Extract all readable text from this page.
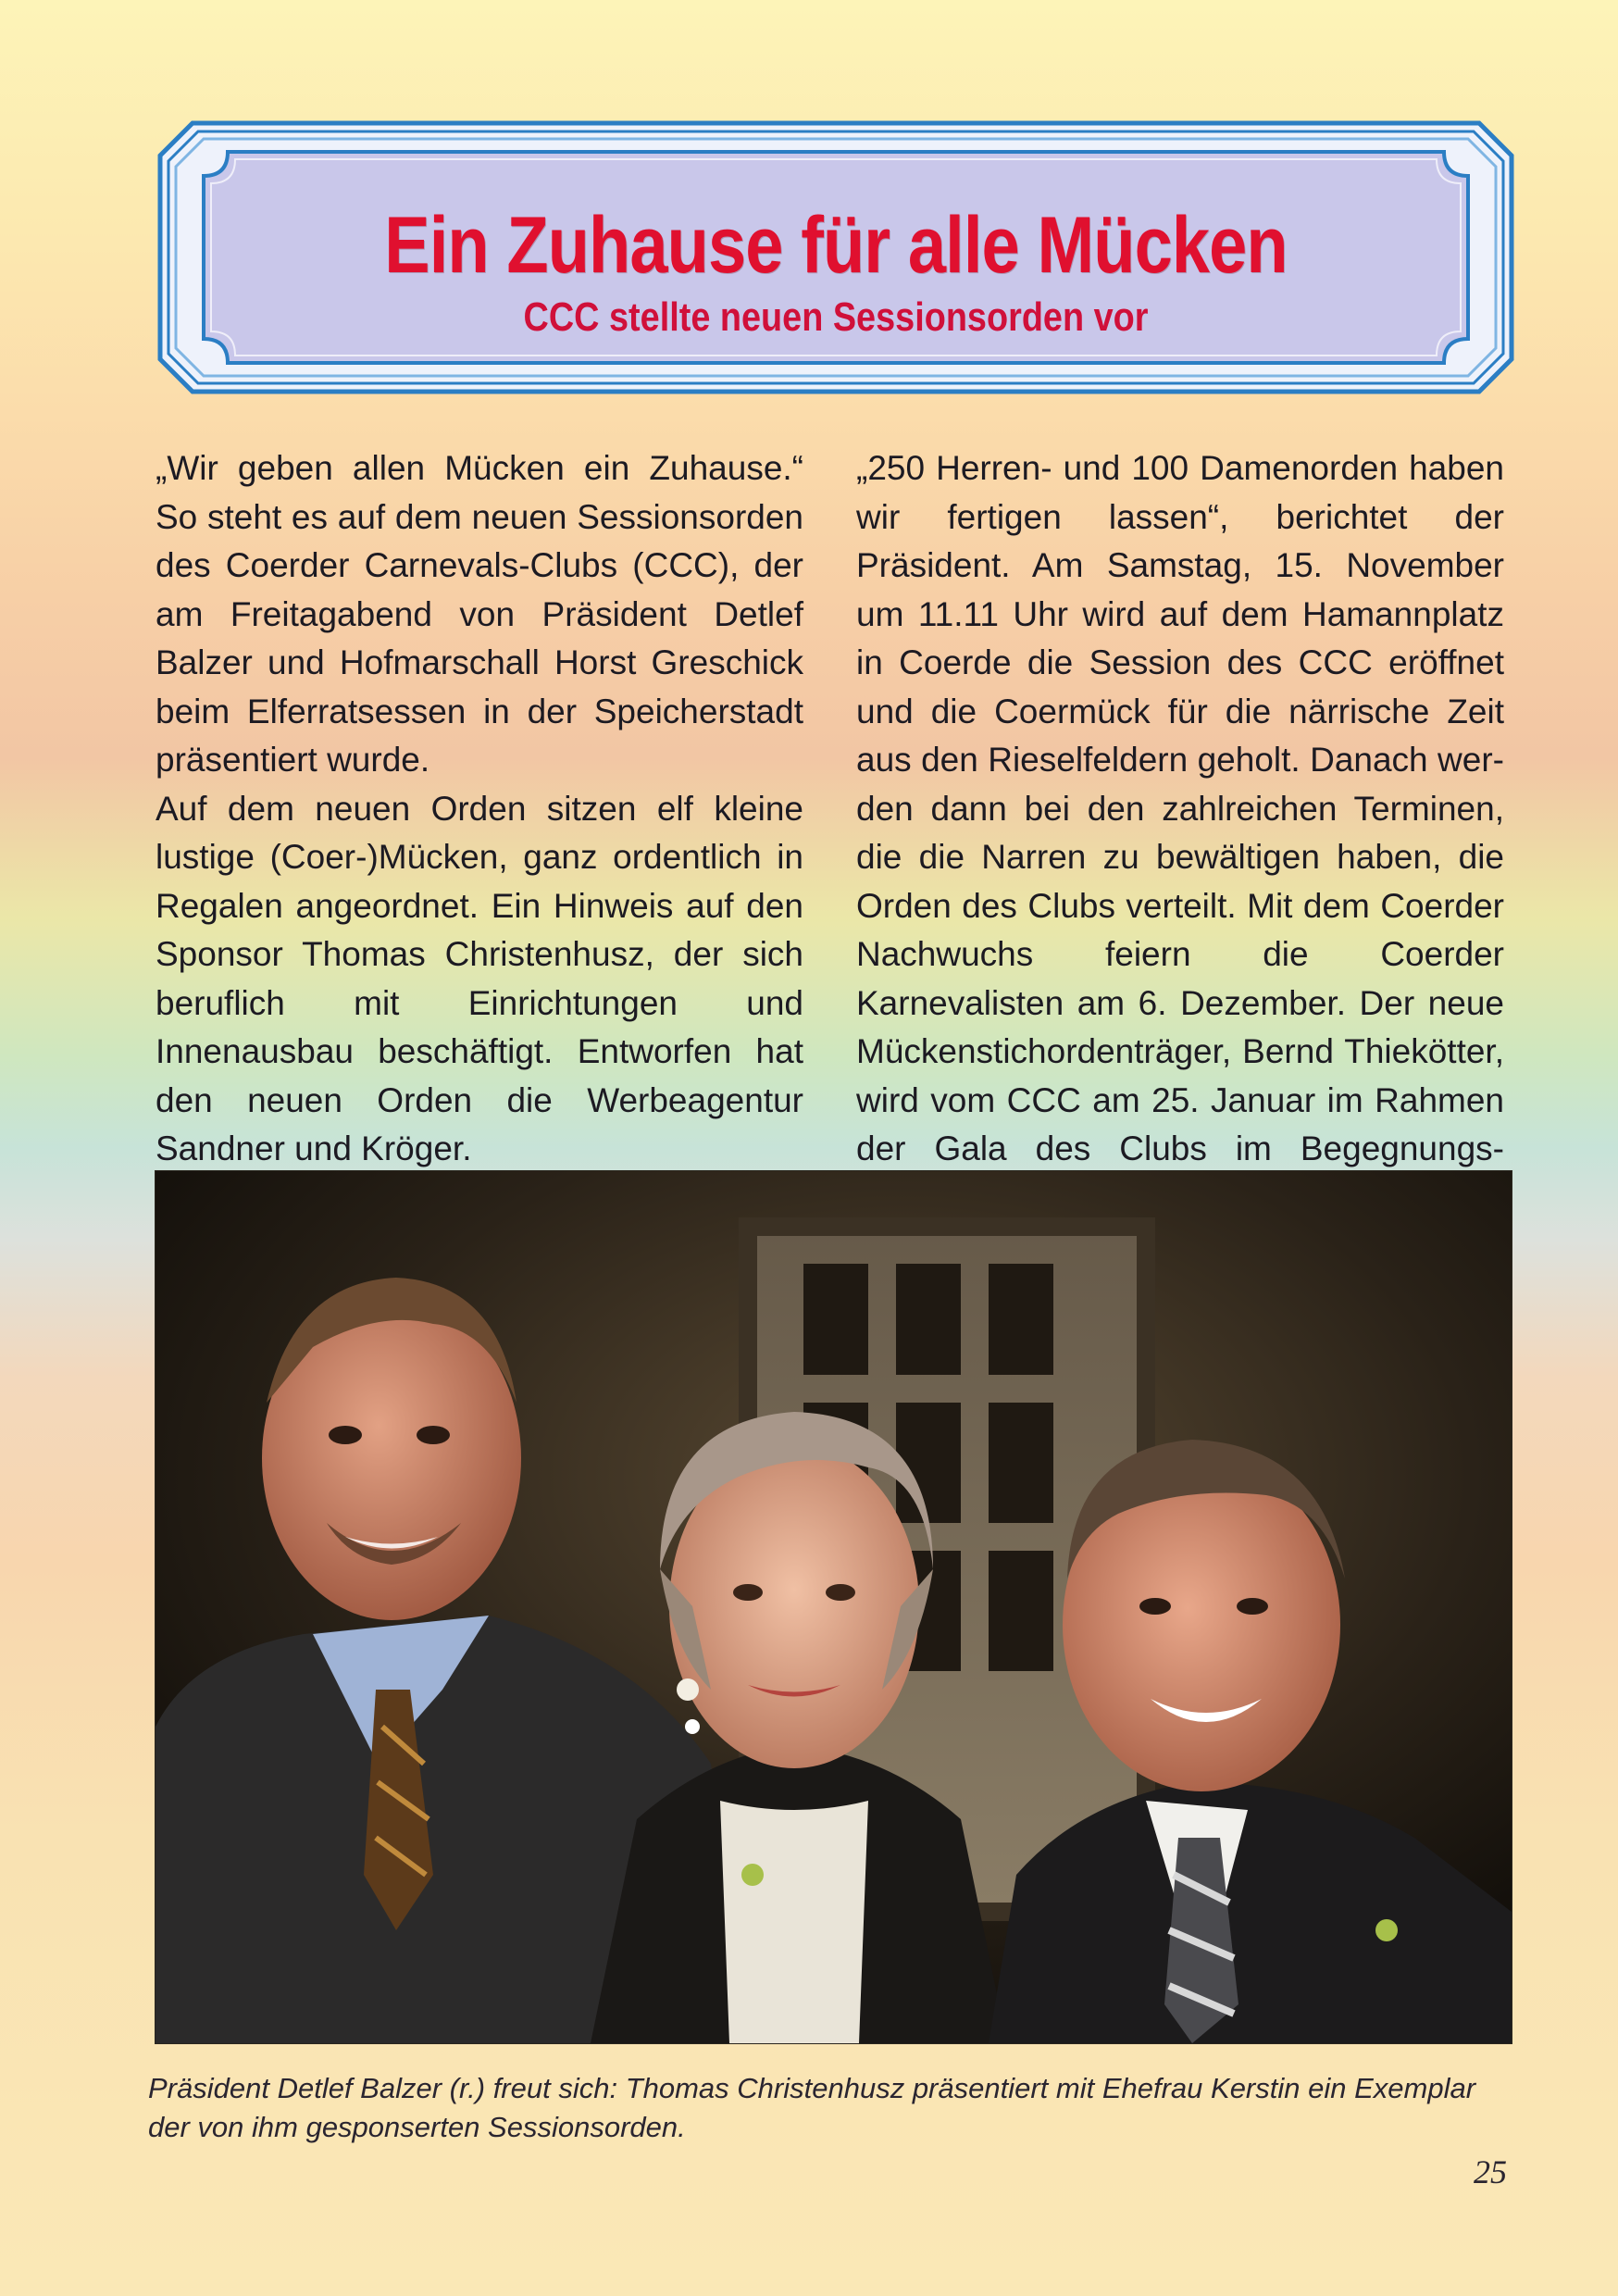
Ein Zuhause für alle Mücken
CCC stellte neuen Sessionsorden vor

„Wir geben allen Mücken ein Zuhause.“ So steht es auf dem neuen Sessionsorden des Coerder Carnevals-Clubs (CCC), der am Freitagabend von Präsident Detlef Balzer und Hofmarschall Horst Greschick beim Elferratsessen in der Speicherstadt präsentiert wurde.

Auf dem neuen Orden sitzen elf kleine lustige (Coer-)Mücken, ganz ordentlich in Regalen angeordnet. Ein Hinweis auf den Sponsor Thomas Christenhusz, der sich beruflich mit Einrichtungen und Innenausbau beschäftigt. Entworfen hat den neuen Orden die Werbeagentur Sandner und Kröger.

„250 Herren- und 100 Damenorden haben wir fertigen lassen“, berichtet der Präsident. Am Samstag, 15. November um 11.11 Uhr wird auf dem Hamannplatz in Coerde die Session des CCC eröffnet und die Coermück für die närrische Zeit aus den Rieselfeldern geholt. Danach werden dann bei den zahlreichen Terminen, die die Narren zu bewältigen haben, die Orden des Clubs verteilt. Mit dem Coerder Nachwuchs feiern die Coerder Karnevalisten am 6. Dezember. Der neue Mückenstichordenträger, Bernd Thiekötter, wird vom CCC am 25. Januar im Rahmen der Gala des Clubs im Begegnungs

Präsident Detlef Balzer (r.) freut sich: Thomas Christenhusz präsentiert mit Ehefrau Kerstin ein Exemplar der von ihm gesponserten Sessionsorden.
25
